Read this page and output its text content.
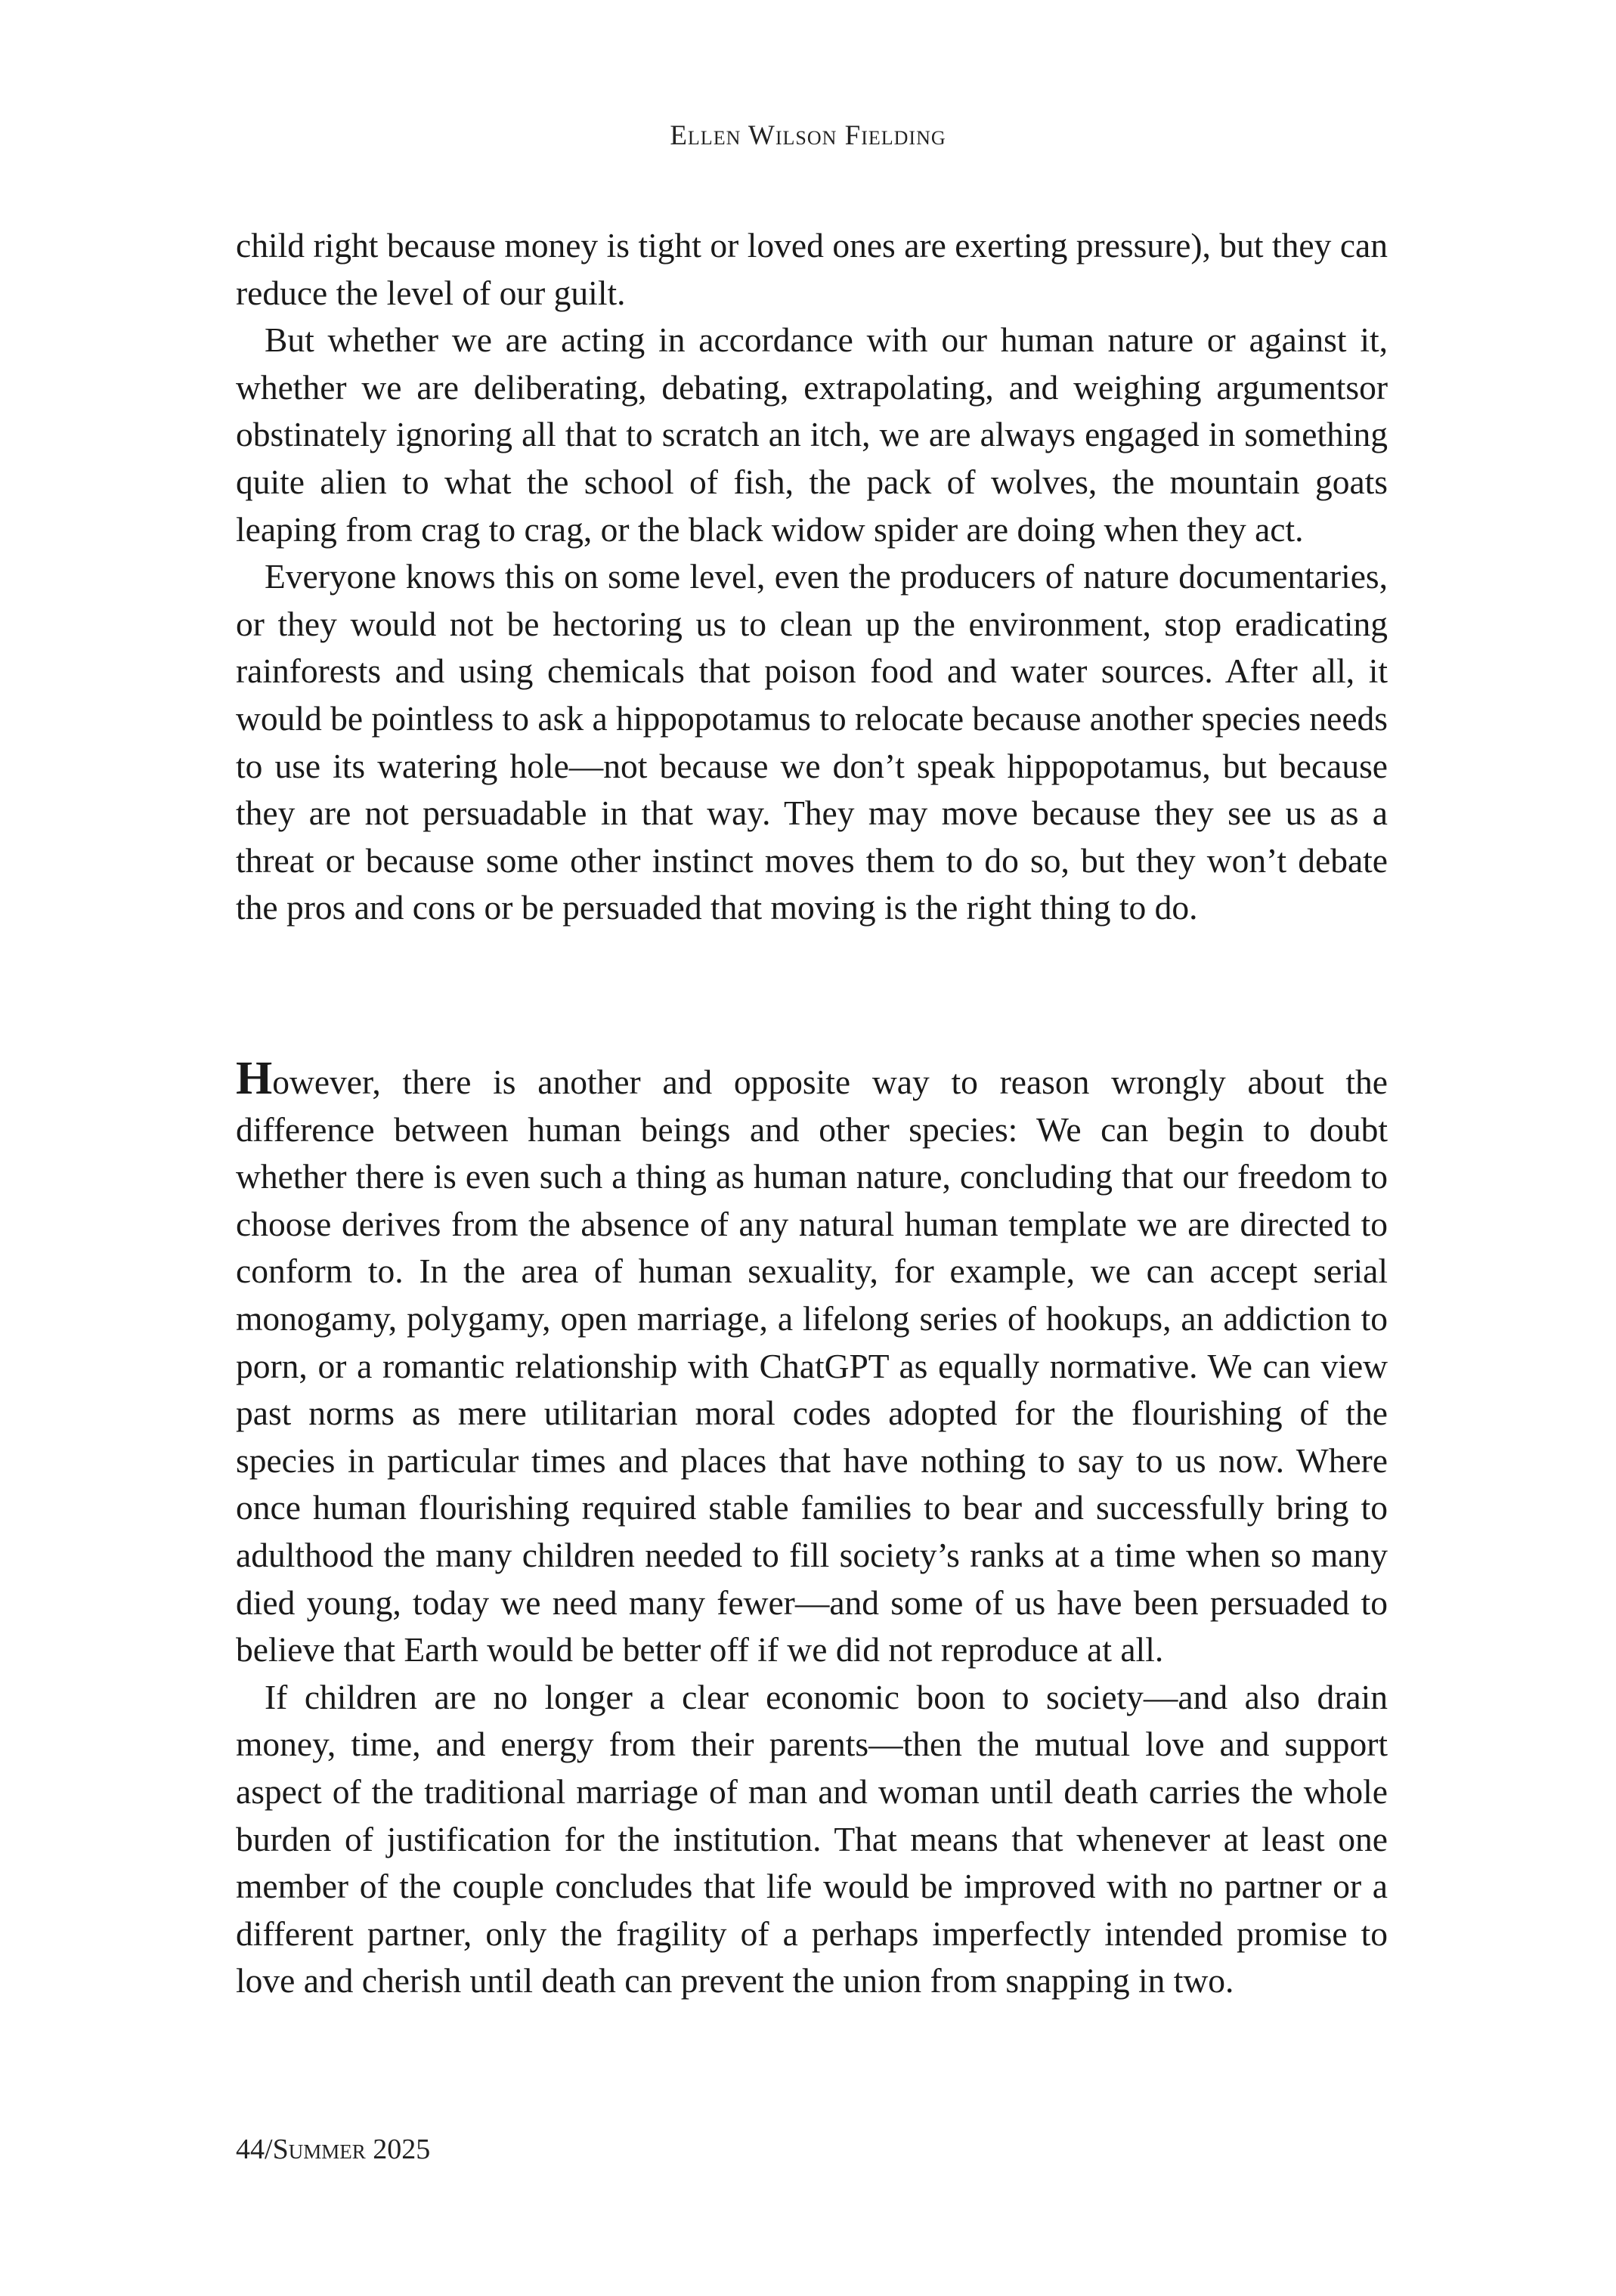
Ellen Wilson Fielding

child right because money is tight or loved ones are exerting pressure), but they can reduce the level of our guilt.

But whether we are acting in accordance with our human nature or against it, whether we are deliberating, debating, extrapolating, and weighing argumentsor obstinately ignoring all that to scratch an itch, we are always engaged in something quite alien to what the school of fish, the pack of wolves, the mountain goats leaping from crag to crag, or the black widow spider are doing when they act.

Everyone knows this on some level, even the producers of nature documentaries, or they would not be hectoring us to clean up the environment, stop eradicating rainforests and using chemicals that poison food and water sources. After all, it would be pointless to ask a hippopotamus to relocate because another species needs to use its watering hole—not because we don’t speak hippopotamus, but because they are not persuadable in that way. They may move because they see us as a threat or because some other instinct moves them to do so, but they won’t debate the pros and cons or be persuaded that moving is the right thing to do.

However, there is another and opposite way to reason wrongly about the difference between human beings and other species: We can begin to doubt whether there is even such a thing as human nature, concluding that our freedom to choose derives from the absence of any natural human template we are directed to conform to. In the area of human sexuality, for example, we can accept serial monogamy, polygamy, open marriage, a lifelong series of hookups, an addiction to porn, or a romantic relationship with ChatGPT as equally normative. We can view past norms as mere utilitarian moral codes adopted for the flourishing of the species in particular times and places that have nothing to say to us now. Where once human flourishing required stable families to bear and successfully bring to adulthood the many children needed to fill society’s ranks at a time when so many died young, today we need many fewer—and some of us have been persuaded to believe that Earth would be better off if we did not reproduce at all.

If children are no longer a clear economic boon to society—and also drain money, time, and energy from their parents—then the mutual love and support aspect of the traditional marriage of man and woman until death carries the whole burden of justification for the institution. That means that whenever at least one member of the couple concludes that life would be improved with no partner or a different partner, only the fragility of a perhaps imperfectly intended promise to love and cherish until death can prevent the union from snapping in two.

44/Summer 2025
